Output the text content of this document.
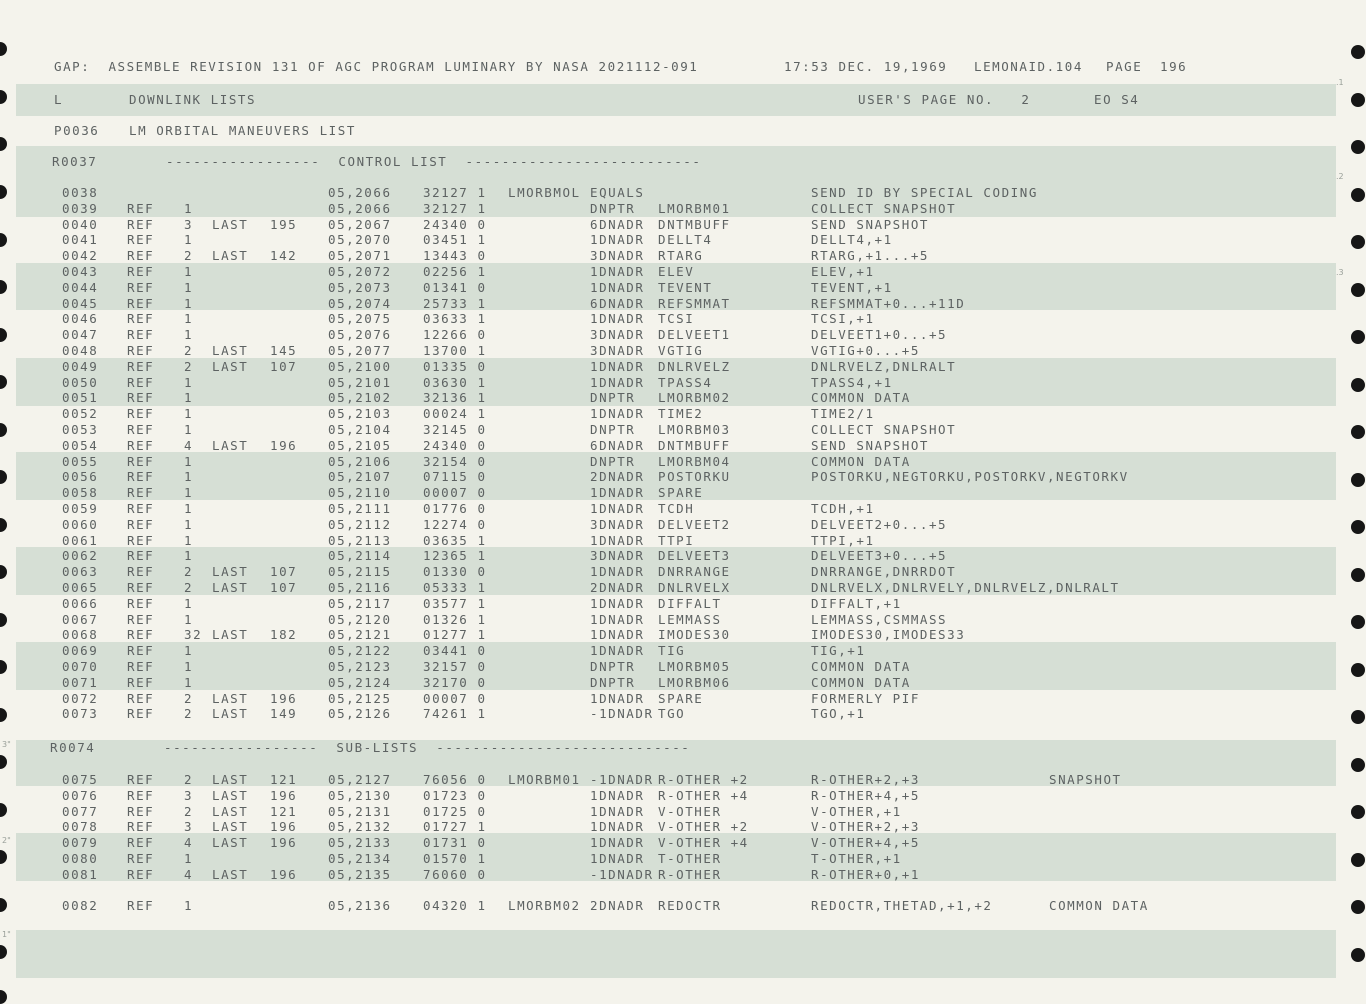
.1
.2
.3
3"
2"
1"

GAP:  ASSEMBLE REVISION 131 OF AGC PROGRAM LUMINARY BY NASA 2021112-091

	17:53 DEC. 19,1969

LEMONAID.104

PAGE

196

L

	DOWNLINK LISTS

	USER'S PAGE NO.   2

	EO S4

P0036

LM ORBITAL MANEUVERS LIST

R0037

	-----------------  CONTROL LIST  --------------------------

0038	05,2066	32127 1 LMORBMOL EQUALS	SEND ID BY SPECIAL CODING
0039 REF 1	05,2066	32127 1	DNPTR LMORBM01	COLLECT SNAPSHOT
0040 REF 3 LAST 195 05,2067	24340 0	6DNADR DNTMBUFF	SEND SNAPSHOT
0041 REF 1	05,2070	03451 1	1DNADR DELLT4	DELLT4,+1
0042 REF 2 LAST 142 05,2071	13443 0	3DNADR RTARG	RTARG,+1...+5
0043 REF 1	05,2072	02256 1	1DNADR ELEV	ELEV,+1
0044 REF 1	05,2073	01341 0	1DNADR TEVENT	TEVENT,+1
0045 REF 1	05,2074	25733 1	6DNADR REFSMMAT	REFSMMAT+0...+11D
0046 REF 1	05,2075	03633 1	1DNADR TCSI	TCSI,+1
0047 REF 1	05,2076	12266 0	3DNADR DELVEET1	DELVEET1+0...+5
0048 REF 2 LAST 145 05,2077	13700 1	3DNADR VGTIG	VGTIG+0...+5
0049 REF 2 LAST 107 05,2100	01335 0	1DNADR DNLRVELZ	DNLRVELZ,DNLRALT
0050 REF 1	05,2101	03630 1	1DNADR TPASS4	TPASS4,+1
0051 REF 1	05,2102	32136 1	DNPTR LMORBM02	COMMON DATA
0052 REF 1	05,2103	00024 1	1DNADR TIME2	TIME2/1
0053 REF 1	05,2104	32145 0	DNPTR LMORBM03	COLLECT SNAPSHOT
0054 REF 4 LAST 196 05,2105	24340 0	6DNADR DNTMBUFF	SEND SNAPSHOT
0055 REF 1	05,2106	32154 0	DNPTR LMORBM04	COMMON DATA
0056 REF 1	05,2107	07115 0	2DNADR POSTORKU	POSTORKU,NEGTORKU,POSTORKV,NEGTORKV
0058 REF 1	05,2110	00007 0	1DNADR SPARE
0059 REF 1	05,2111	01776 0	1DNADR TCDH	TCDH,+1
0060 REF 1	05,2112	12274 0	3DNADR DELVEET2	DELVEET2+0...+5
0061 REF 1	05,2113	03635 1	1DNADR TTPI	TTPI,+1
0062 REF 1	05,2114	12365 1	3DNADR DELVEET3	DELVEET3+0...+5
0063 REF 2 LAST 107 05,2115	01330 0	1DNADR DNRRANGE	DNRRANGE,DNRRDOT
0065 REF 2 LAST 107 05,2116	05333 1	2DNADR DNLRVELX	DNLRVELX,DNLRVELY,DNLRVELZ,DNLRALT
0066 REF 1	05,2117	03577 1	1DNADR DIFFALT	DIFFALT,+1
0067 REF 1	05,2120	01326 1	1DNADR LEMMASS	LEMMASS,CSMMASS
0068 REF 32 LAST 182 05,2121	01277 1	1DNADR IMODES30	IMODES30,IMODES33
0069 REF 1	05,2122	03441 0	1DNADR TIG	TIG,+1
0070 REF 1	05,2123	32157 0	DNPTR LMORBM05	COMMON DATA
0071 REF 1	05,2124	32170 0	DNPTR LMORBM06	COMMON DATA
0072 REF 2 LAST 196 05,2125	00007 0	1DNADR SPARE	FORMERLY PIF
0073 REF 2 LAST 149 05,2126	74261 1	-1DNADR TGO	TGO,+1

R0074

	-----------------  SUB-LISTS  ----------------------------

0075 REF 2 LAST 121 05,2127	76056 0 LMORBM01 -1DNADR R-OTHER +2	R-OTHER+2,+3	SNAPSHOT
0076 REF 3 LAST 196 05,2130	01723 0	1DNADR R-OTHER +4	R-OTHER+4,+5
0077 REF 2 LAST 121 05,2131	01725 0	1DNADR V-OTHER	V-OTHER,+1
0078 REF 3 LAST 196 05,2132	01727 1	1DNADR V-OTHER +2	V-OTHER+2,+3
0079 REF 4 LAST 196 05,2133	01731 0	1DNADR V-OTHER +4	V-OTHER+4,+5
0080 REF 1	05,2134	01570 1	1DNADR T-OTHER	T-OTHER,+1
0081 REF 4 LAST 196 05,2135	76060 0	-1DNADR R-OTHER	R-OTHER+0,+1
0082 REF 1	05,2136	04320 1 LMORBM02 2DNADR REDOCTR	REDOCTR,THETAD,+1,+2	COMMON DATA
